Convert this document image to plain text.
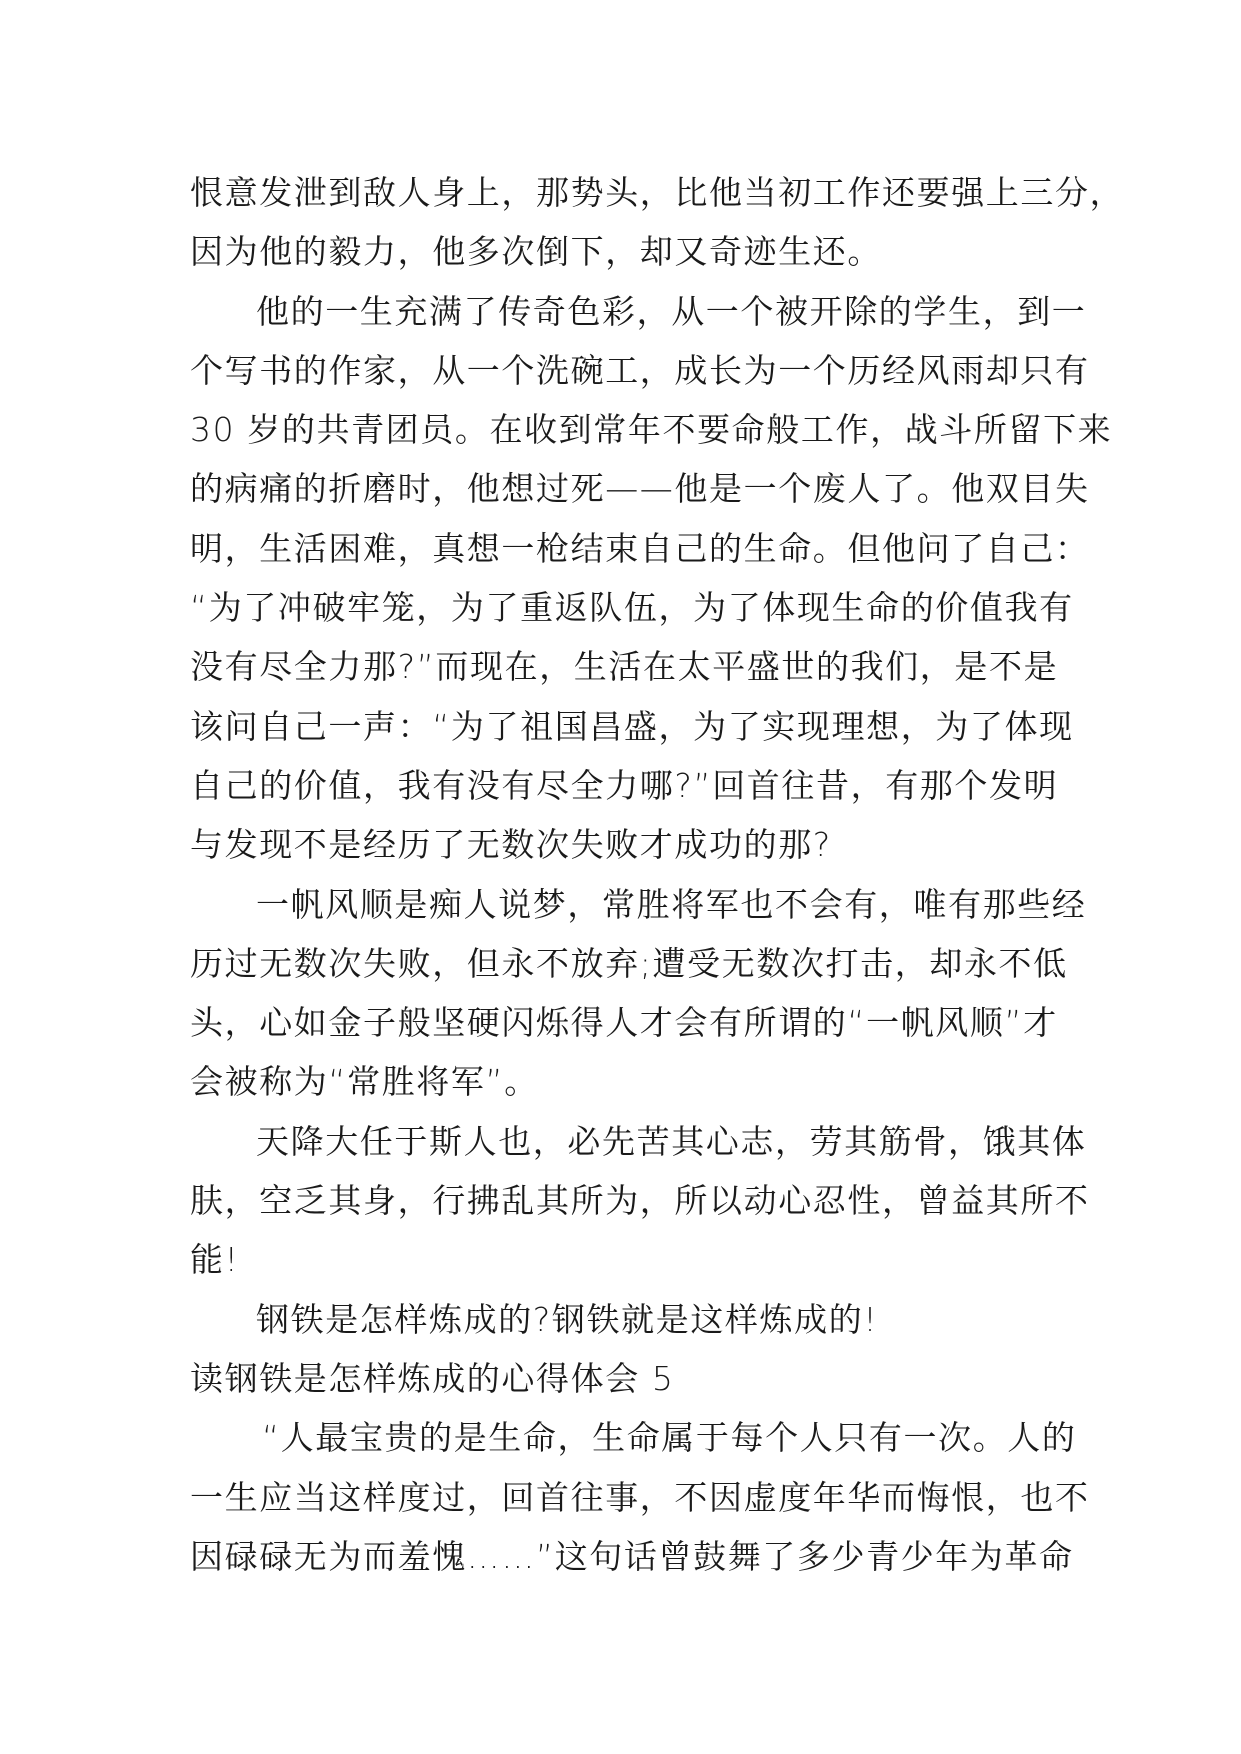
恨意发泄到敌人身上，那势头，比他当初工作还要强上三分，
因为他的毅力，他多次倒下，却又奇迹生还。
他的一生充满了传奇色彩，从一个被开除的学生，到一
个写书的作家，从一个洗碗工，成长为一个历经风雨却只有
30 岁的共青团员。在收到常年不要命般工作，战斗所留下来
的病痛的折磨时，他想过死——他是一个废人了。他双目失
明，生活困难，真想一枪结束自己的生命。但他问了自己：
“为了冲破牢笼，为了重返队伍，为了体现生命的价值我有
没有尽全力那?”而现在，生活在太平盛世的我们，是不是
该问自己一声：“为了祖国昌盛，为了实现理想，为了体现
自己的价值，我有没有尽全力哪?”回首往昔，有那个发明
与发现不是经历了无数次失败才成功的那?
一帆风顺是痴人说梦，常胜将军也不会有，唯有那些经
历过无数次失败，但永不放弃;遭受无数次打击，却永不低
头，心如金子般坚硬闪烁得人才会有所谓的“一帆风顺”才
会被称为“常胜将军”。
天降大任于斯人也，必先苦其心志，劳其筋骨，饿其体
肤，空乏其身，行拂乱其所为，所以动心忍性，曾益其所不
能!
钢铁是怎样炼成的?钢铁就是这样炼成的!
读钢铁是怎样炼成的心得体会 5
“人最宝贵的是生命，生命属于每个人只有一次。人的
一生应当这样度过，回首往事，不因虚度年华而悔恨，也不
因碌碌无为而羞愧……”这句话曾鼓舞了多少青少年为革命
